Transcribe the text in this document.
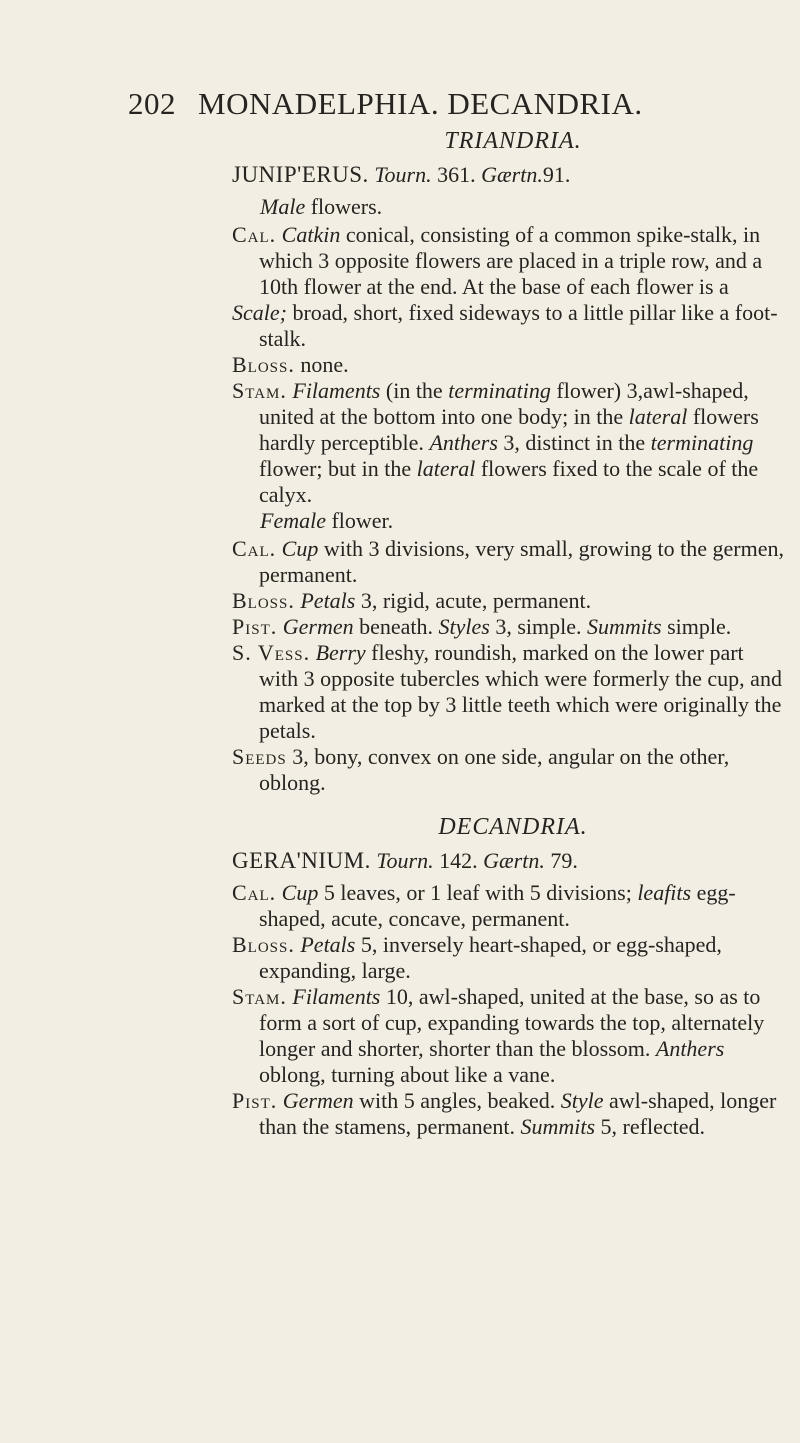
202 MONADELPHIA. DECANDRIA.
TRIANDRIA.
JUNIP'ERUS. Tourn. 361. Gærtn.91.
Male flowers.
Cal. Catkin conical, consisting of a common spike-stalk, in which 3 opposite flowers are placed in a triple row, and a 10th flower at the end. At the base of each flower is a
Scale; broad, short, fixed sideways to a little pillar like a foot-stalk.
Bloss. none.
Stam. Filaments (in the terminating flower) 3,awl-shaped, united at the bottom into one body; in the lateral flowers hardly perceptible. Anthers 3, distinct in the terminating flower; but in the lateral flowers fixed to the scale of the calyx.
Female flower.
Cal. Cup with 3 divisions, very small, growing to the germen, permanent.
Bloss. Petals 3, rigid, acute, permanent.
Pist. Germen beneath. Styles 3, simple. Summits simple.
S. Vess. Berry fleshy, roundish, marked on the lower part with 3 opposite tubercles which were formerly the cup, and marked at the top by 3 little teeth which were originally the petals.
Seeds 3, bony, convex on one side, angular on the other, oblong.
DECANDRIA.
GERA'NIUM. Tourn. 142. Gærtn. 79.
Cal. Cup 5 leaves, or 1 leaf with 5 divisions; leafits egg-shaped, acute, concave, permanent.
Bloss. Petals 5, inversely heart-shaped, or egg-shaped, expanding, large.
Stam. Filaments 10, awl-shaped, united at the base, so as to form a sort of cup, expanding towards the top, alternately longer and shorter, shorter than the blossom. Anthers oblong, turning about like a vane.
Pist. Germen with 5 angles, beaked. Style awl-shaped, longer than the stamens, permanent. Summits 5, reflected.
